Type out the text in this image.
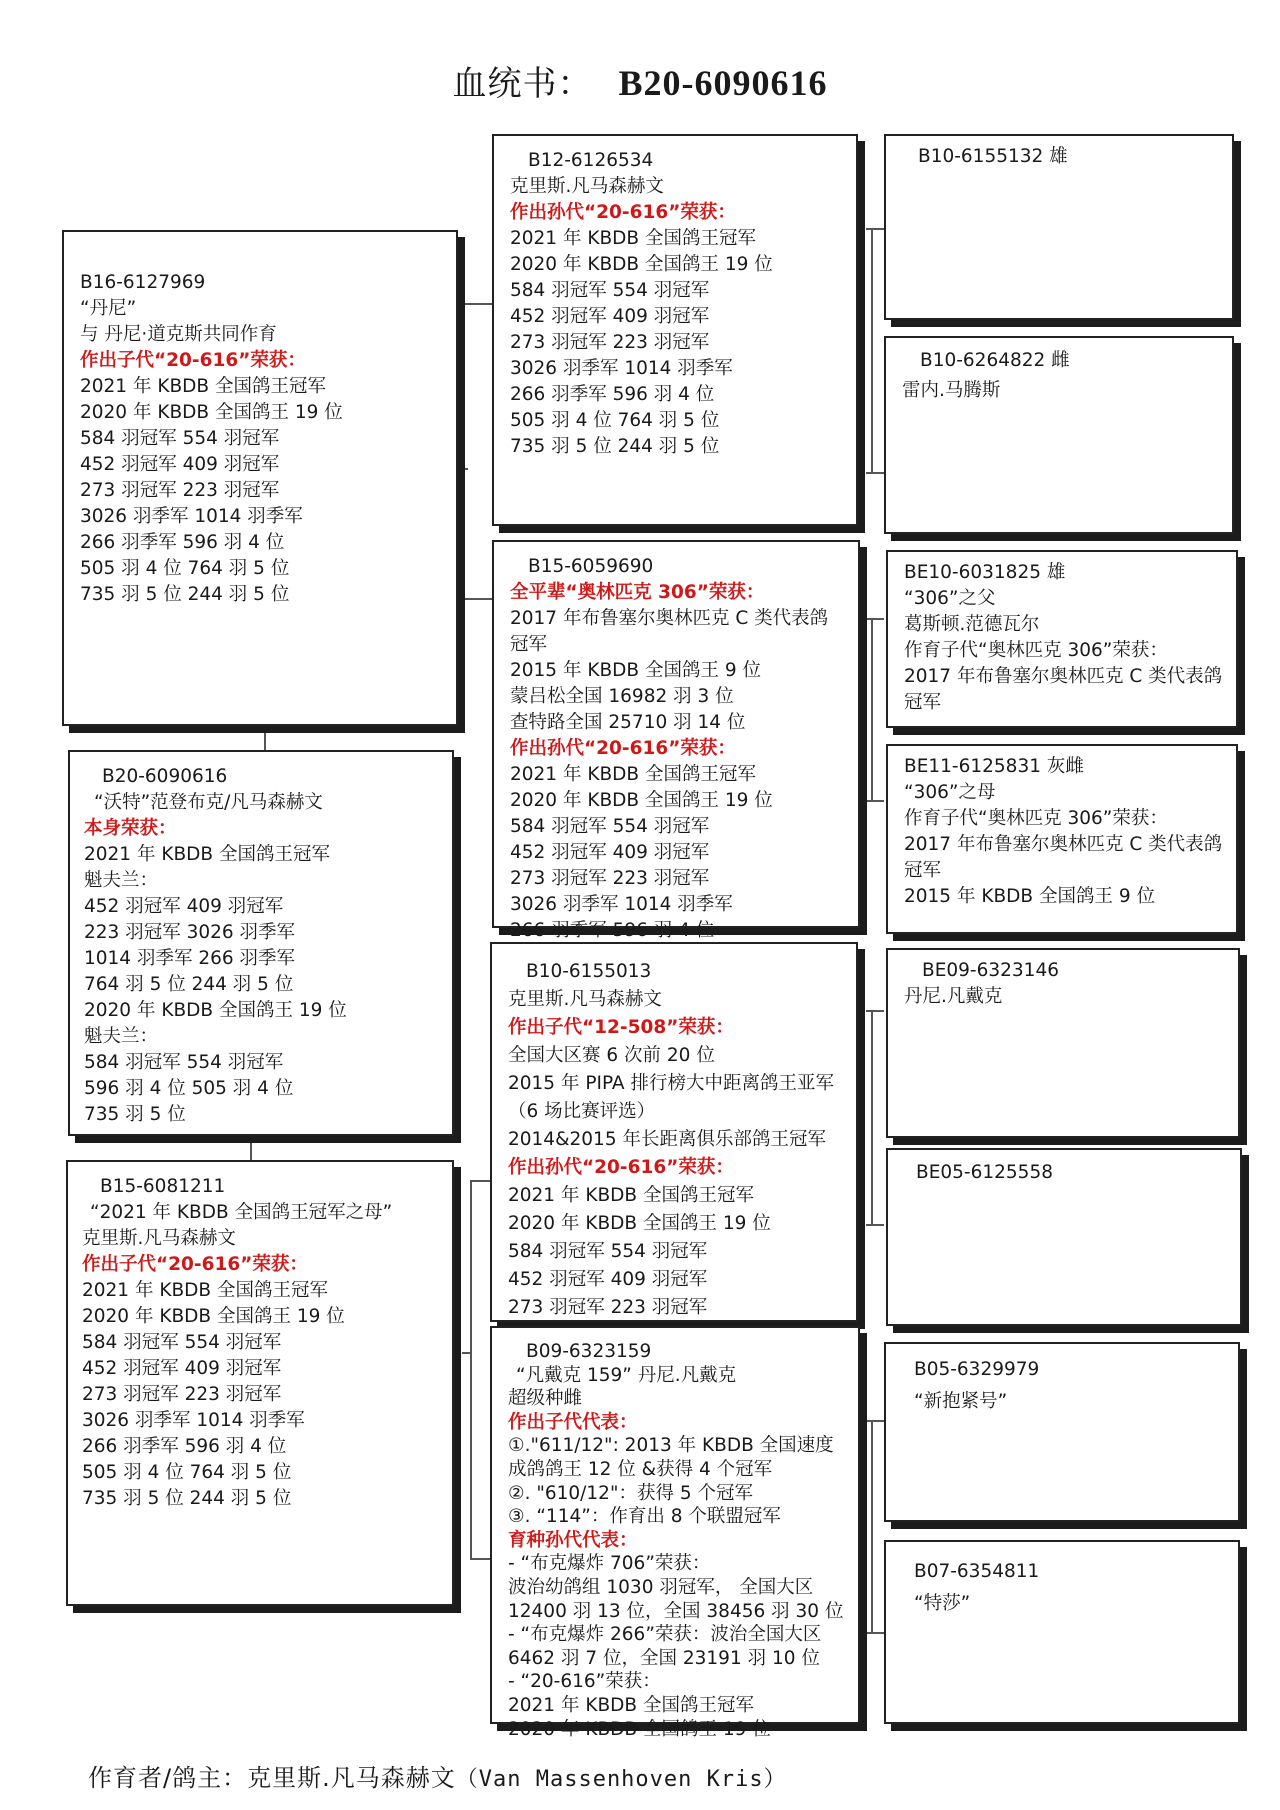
血统书： B20-6090616
B20-6090616
“沃特”范登布克/凡马森赫文
本身荣获：
2021 年 KBDB 全国鸽王冠军
魁夫兰：
452 羽冠军 409 羽冠军
223 羽冠军 3026 羽季军
1014 羽季军 266 羽季军
764 羽 5 位 244 羽 5 位
2020 年 KBDB 全国鸽王 19 位
魁夫兰：
584 羽冠军 554 羽冠军
596 羽 4 位 505 羽 4 位
735 羽 5 位
B16-6127969
“丹尼”
与 丹尼·道克斯共同作育
作出子代“20-616”荣获：
2021 年 KBDB 全国鸽王冠军
2020 年 KBDB 全国鸽王 19 位
584 羽冠军 554 羽冠军
452 羽冠军 409 羽冠军
273 羽冠军 223 羽冠军
3026 羽季军 1014 羽季军
266 羽季军 596 羽 4 位
505 羽 4 位 764 羽 5 位
735 羽 5 位 244 羽 5 位
B15-6081211
“2021 年 KBDB 全国鸽王冠军之母”
克里斯.凡马森赫文
作出子代“20-616”荣获：
2021 年 KBDB 全国鸽王冠军
2020 年 KBDB 全国鸽王 19 位
584 羽冠军 554 羽冠军
452 羽冠军 409 羽冠军
273 羽冠军 223 羽冠军
3026 羽季军 1014 羽季军
266 羽季军 596 羽 4 位
505 羽 4 位 764 羽 5 位
735 羽 5 位 244 羽 5 位
B12-6126534
克里斯.凡马森赫文
作出孙代“20-616”荣获：
2021 年 KBDB 全国鸽王冠军
2020 年 KBDB 全国鸽王 19 位
584 羽冠军 554 羽冠军
452 羽冠军 409 羽冠军
273 羽冠军 223 羽冠军
3026 羽季军 1014 羽季军
266 羽季军 596 羽 4 位
505 羽 4 位 764 羽 5 位
735 羽 5 位 244 羽 5 位
B15-6059690
全平辈“奥林匹克 306”荣获：
2017 年布鲁塞尔奥林匹克 C 类代表鸽
冠军
2015 年 KBDB 全国鸽王 9 位
蒙吕松全国 16982 羽 3 位
查特路全国 25710 羽 14 位
作出孙代“20-616”荣获：
2021 年 KBDB 全国鸽王冠军
2020 年 KBDB 全国鸽王 19 位
584 羽冠军 554 羽冠军
452 羽冠军 409 羽冠军
273 羽冠军 223 羽冠军
3026 羽季军 1014 羽季军
266 羽季军 596 羽 4 位
B10-6155013
克里斯.凡马森赫文
作出子代“12-508”荣获：
全国大区赛 6 次前 20 位
2015 年 PIPA 排行榜大中距离鸽王亚军
（6 场比赛评选）
2014&2015 年长距离俱乐部鸽王冠军
作出孙代“20-616”荣获：
2021 年 KBDB 全国鸽王冠军
2020 年 KBDB 全国鸽王 19 位
584 羽冠军 554 羽冠军
452 羽冠军 409 羽冠军
273 羽冠军 223 羽冠军
B09-6323159
“凡戴克 159” 丹尼.凡戴克
超级种雌
作出子代代表：
①."611/12": 2013 年 KBDB 全国速度
成鸽鸽王 12 位 &获得 4 个冠军
②. "610/12"：获得 5 个冠军
③. “114”：作育出 8 个联盟冠军
育种孙代代表：
- “布克爆炸 706”荣获：
波治幼鸽组 1030 羽冠军， 全国大区
12400 羽 13 位，全国 38456 羽 30 位
- “布克爆炸 266”荣获：波治全国大区
6462 羽 7 位，全国 23191 羽 10 位
- “20-616”荣获：
2021 年 KBDB 全国鸽王冠军
2020 年 KBDB 全国鸽王 19 位
B10-6155132 雄
B10-6264822 雌
雷内.马腾斯
BE10-6031825 雄
“306”之父
葛斯顿.范德瓦尔
作育子代“奥林匹克 306”荣获：
2017 年布鲁塞尔奥林匹克 C 类代表鸽
冠军
BE11-6125831 灰雌
“306”之母
作育子代“奥林匹克 306”荣获：
2017 年布鲁塞尔奥林匹克 C 类代表鸽
冠军
2015 年 KBDB 全国鸽王 9 位
BE09-6323146
丹尼.凡戴克
BE05-6125558
B05-6329979
“新抱紧号”
B07-6354811
“特莎”
作育者/鸽主：克里斯.凡马森赫文（Van Massenhoven Kris）
